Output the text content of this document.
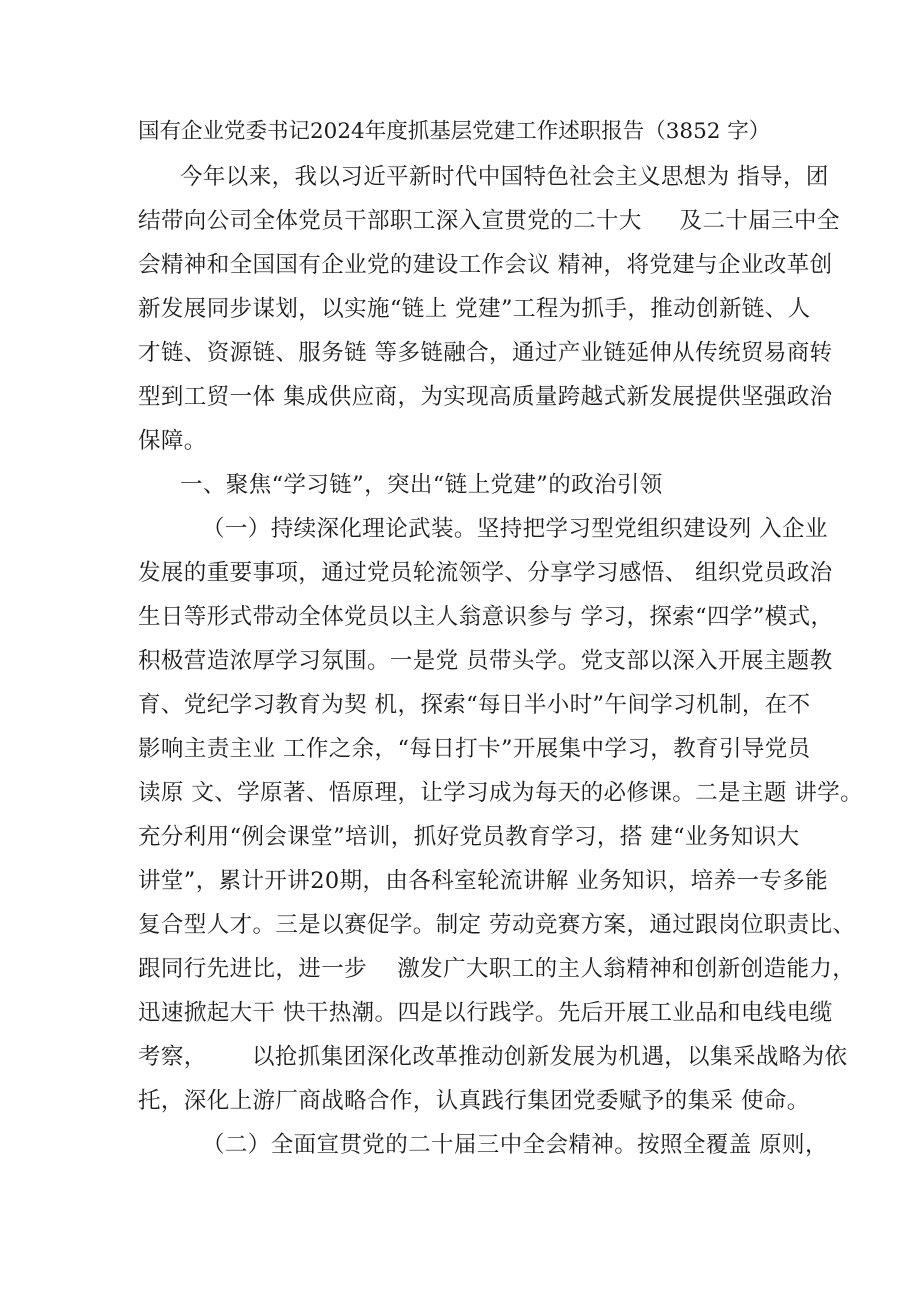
国有企业党委书记2024年度抓基层党建工作述职报告（3852 字）
今年以来，我以习近平新时代中国特色社会主义思想为 指导，团
结带向公司全体党员干部职工深入宣贯党的二十大     及二十届三中全
会精神和全国国有企业党的建设工作会议 精神，将党建与企业改革创
新发展同步谋划，以实施“链上 党建”工程为抓手，推动创新链、人
才链、资源链、服务链 等多链融合，通过产业链延伸从传统贸易商转
型到工贸一体 集成供应商，为实现高质量跨越式新发展提供坚强政治
保障。
一、聚焦“学习链”，突出“链上党建”的政治引领
（一）持续深化理论武装。坚持把学习型党组织建设列 入企业
发展的重要事项，通过党员轮流领学、分享学习感悟、 组织党员政治
生日等形式带动全体党员以主人翁意识参与 学习，探索“四学”模式，
积极营造浓厚学习氛围。一是党 员带头学。党支部以深入开展主题教
育、党纪学习教育为契 机，探索“每日半小时”午间学习机制，在不
影响主责主业 工作之余，“每日打卡”开展集中学习，教育引导党员
读原 文、学原著、悟原理，让学习成为每天的必修课。二是主题 讲学。
充分利用“例会课堂”培训，抓好党员教育学习，搭 建“业务知识大
讲堂”，累计开讲20期，由各科室轮流讲解 业务知识，培养一专多能
复合型人才。三是以赛促学。制定 劳动竞赛方案，通过跟岗位职责比、
跟同行先进比，进一步    激发广大职工的主人翁精神和创新创造能力，
迅速掀起大干 快干热潮。四是以行践学。先后开展工业品和电线电缆
考察，      以抢抓集团深化改革推动创新发展为机遇，以集采战略为依
托，深化上游厂商战略合作，认真践行集团党委赋予的集采 使命。
（二）全面宣贯党的二十届三中全会精神。按照全覆盖 原则，
